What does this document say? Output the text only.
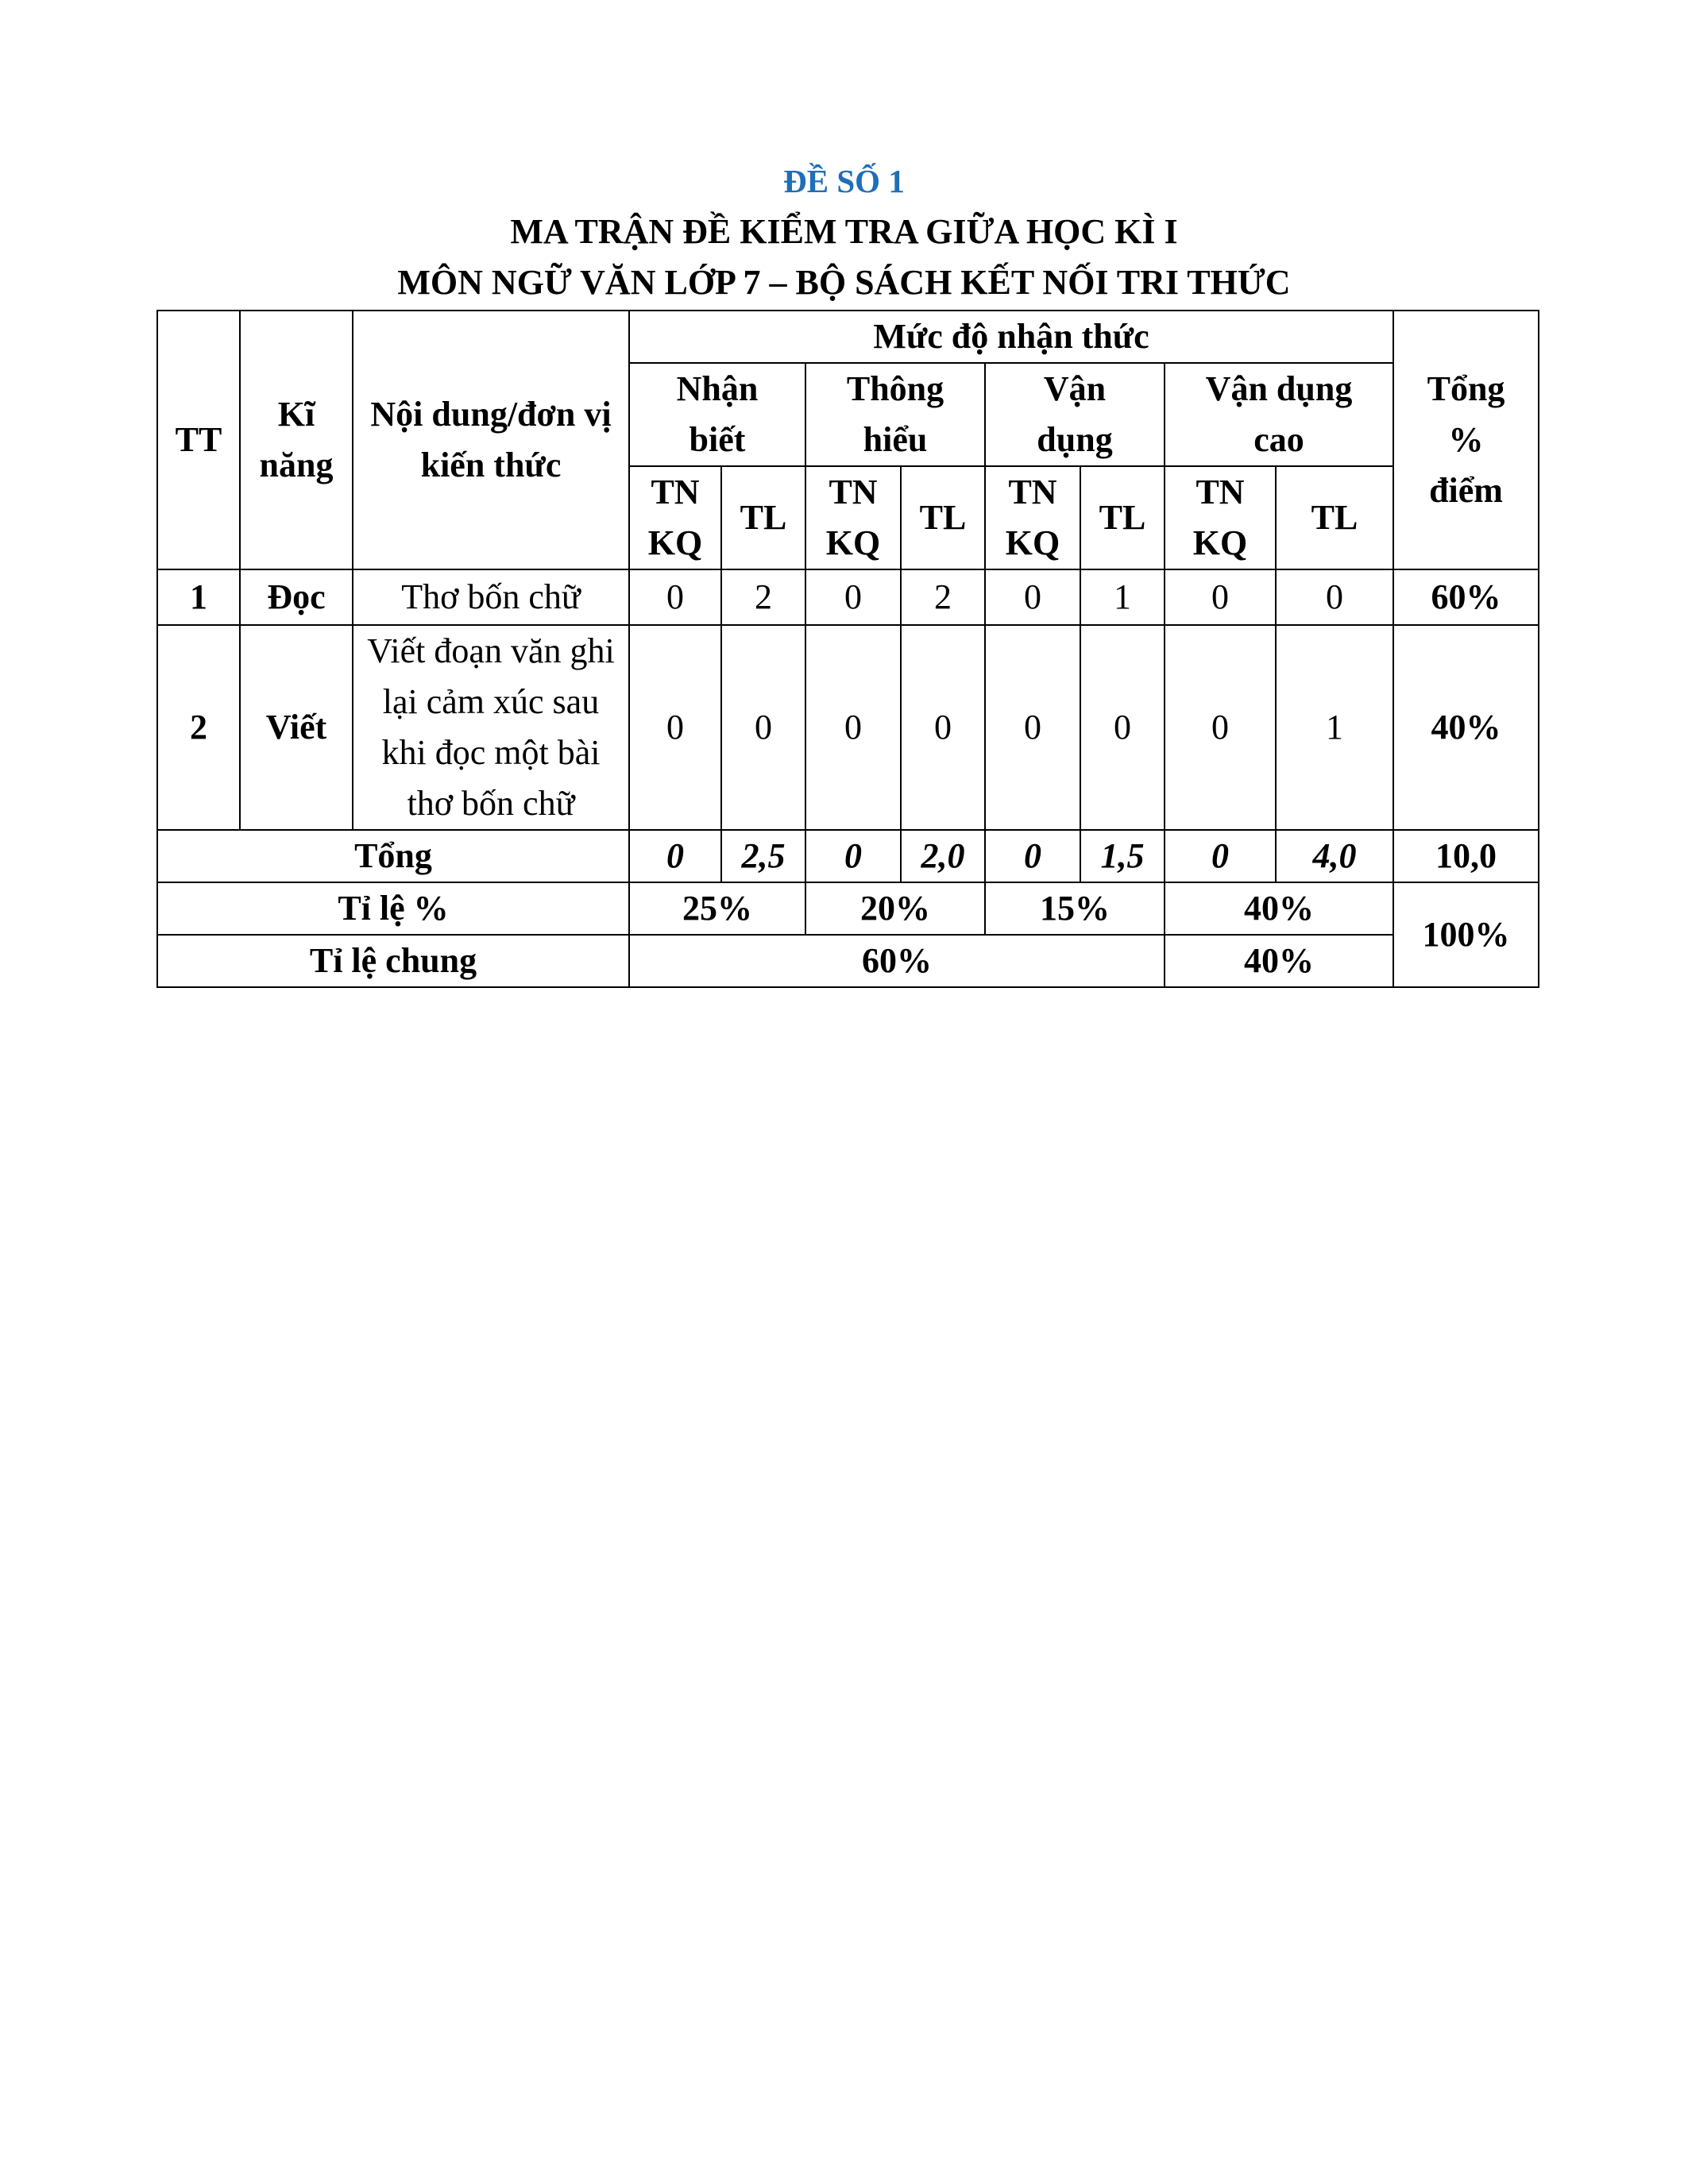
ĐỀ SỐ 1
MA TRẬN ĐỀ KIỂM TRA GIỮA HỌC KÌ I
MÔN NGỮ VĂN LỚP 7 – BỘ SÁCH KẾT NỐI TRI THỨC
TT	Kĩ năng	Nội dung/đơn vị kiến thức	Mức độ nhận thức								Tổng % điểm
			Nhận biết		Thông hiểu		Vận dụng		Vận dụng cao		
			TN KQ	TL	TN KQ	TL	TN KQ	TL	TN KQ	TL	
1	Đọc	Thơ bốn chữ	0	2	0	2	0	1	0	0	60%
2	Viết	Viết đoạn văn ghi lại cảm xúc sau khi đọc một bài thơ bốn chữ	0	0	0	0	0	0	0	1	40%
Tổng			0	2,5	0	2,0	0	1,5	0	4,0	10,0
Tỉ lệ %			25%		20%		15%		40%		100%
Tỉ lệ chung			60%						40%		
